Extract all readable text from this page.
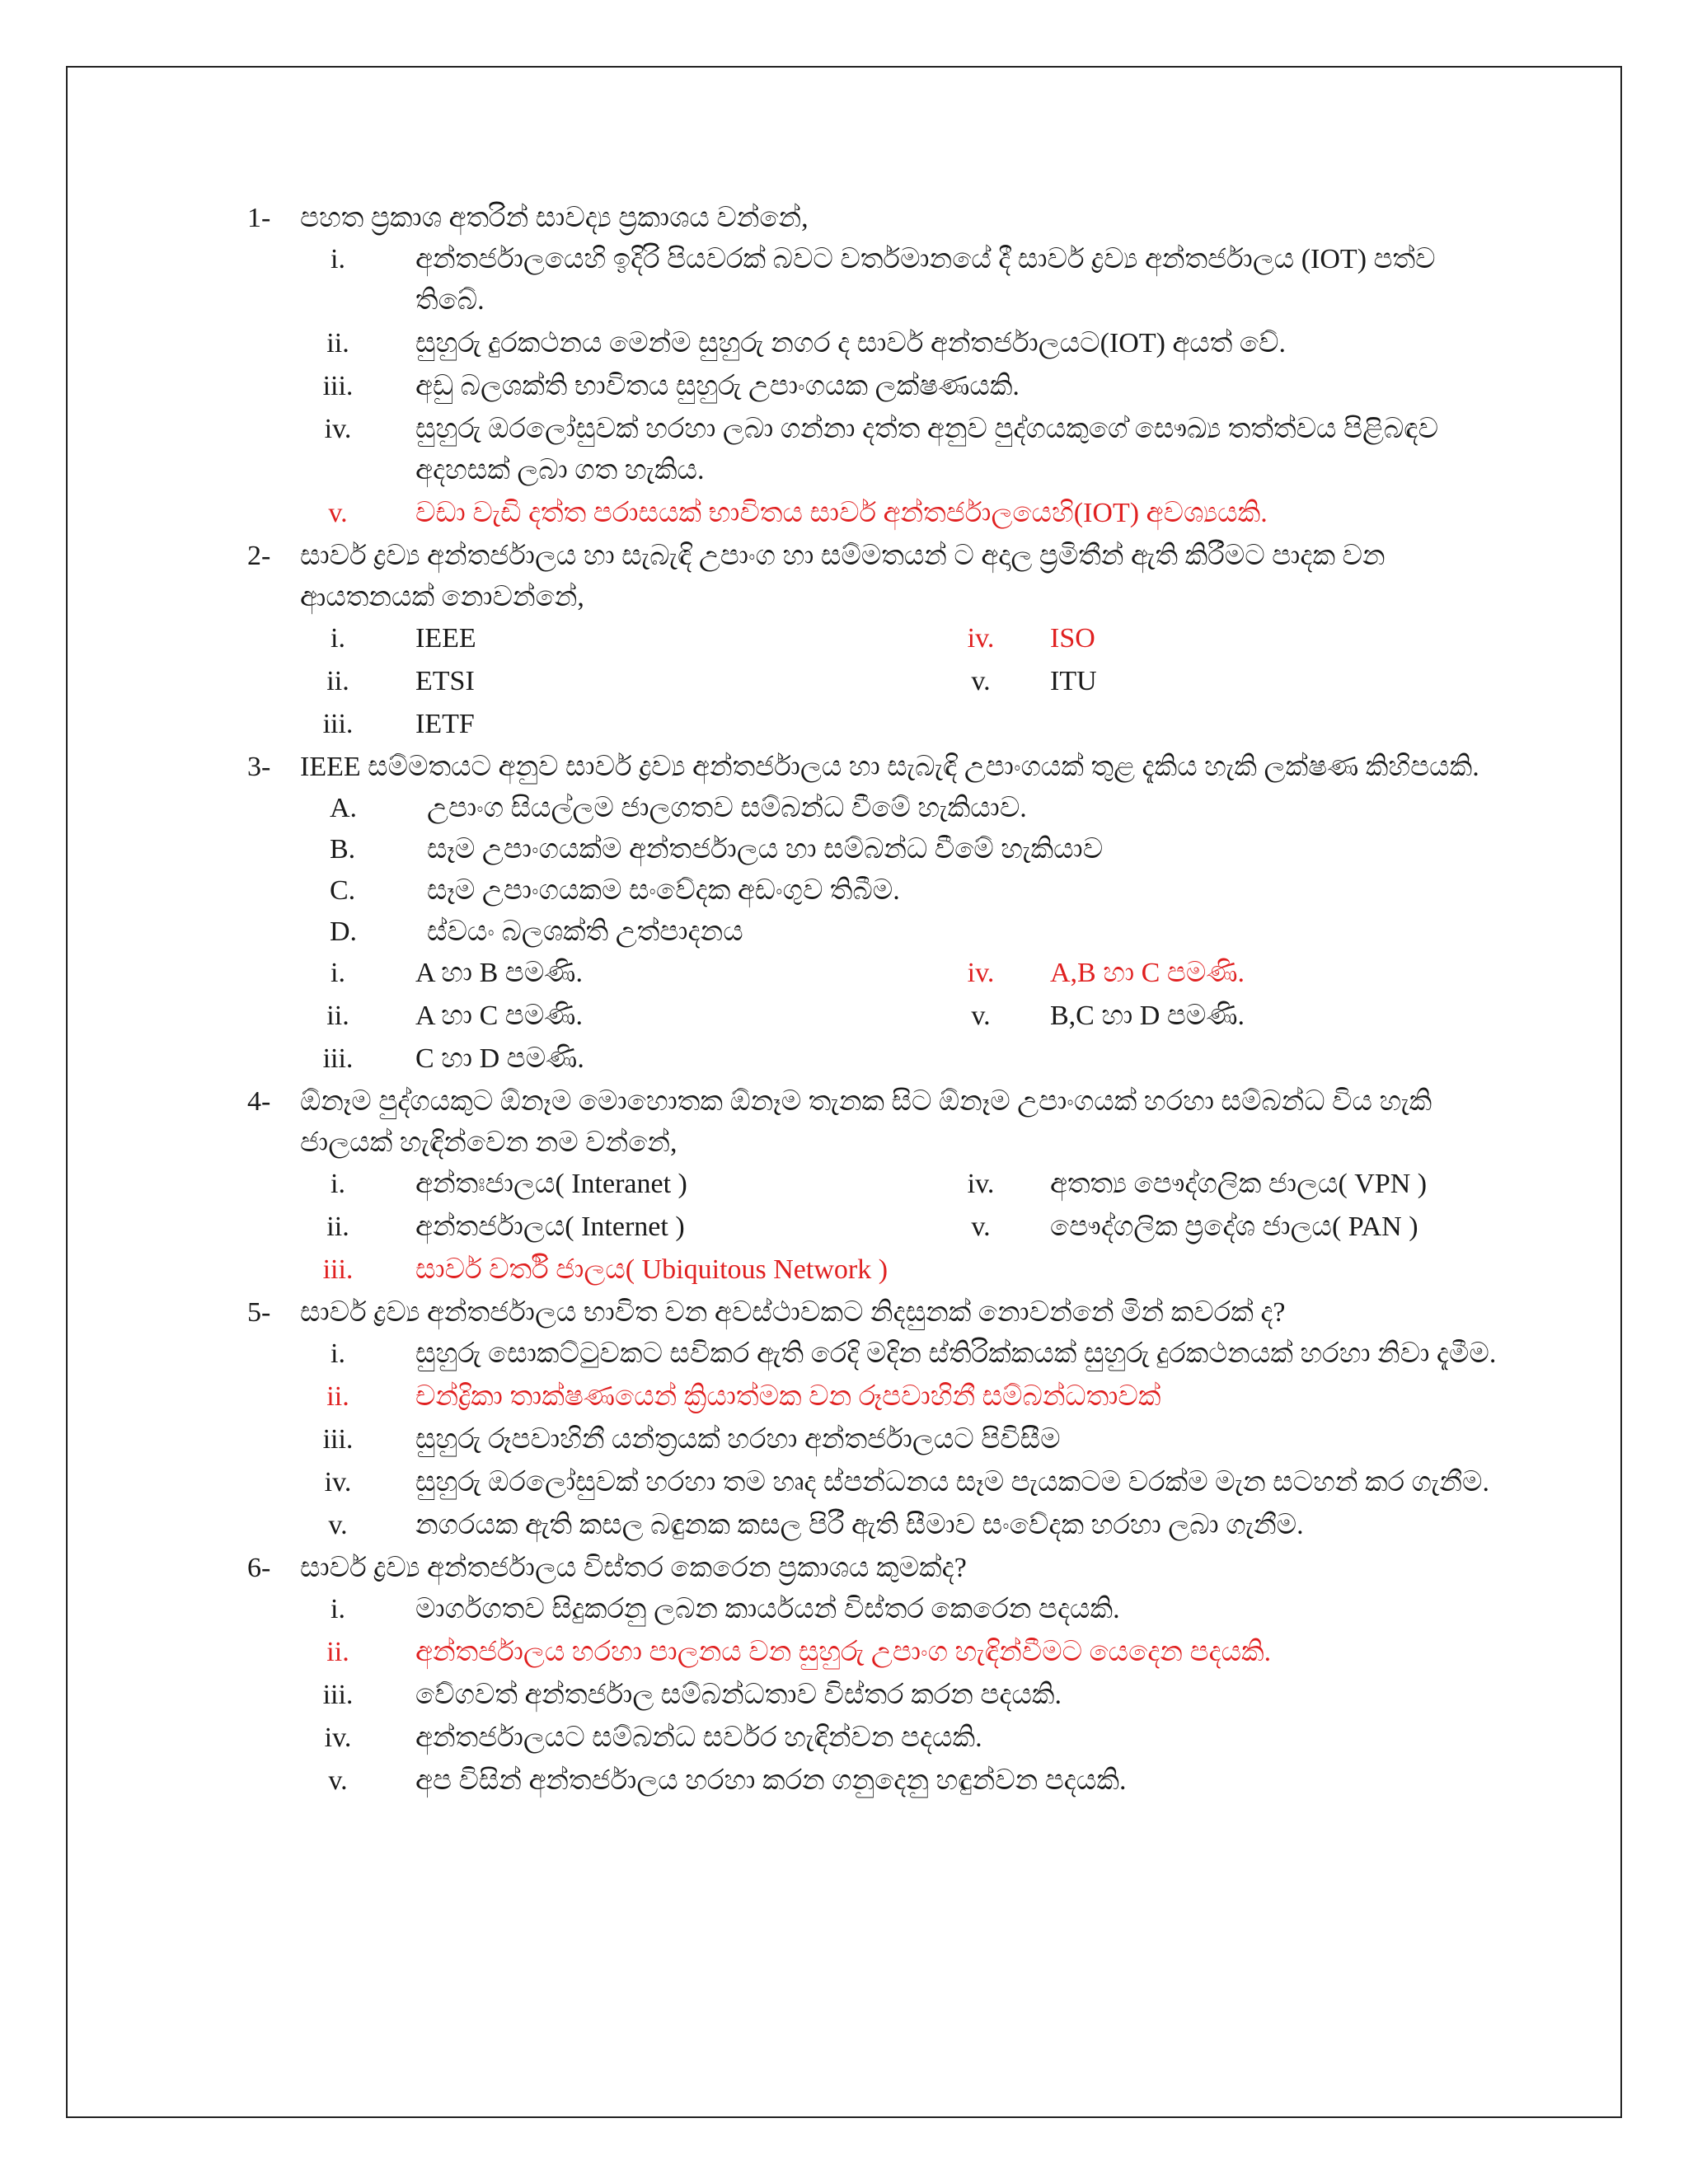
1-	පහත ප්‍රකාශ අතරින් සාවද්‍ය ප්‍රකාශය වන්නේ,
i.	අන්තර්ජාලයෙහි ඉදිරි පියවරක් බවට වර්තමානයේ දී සාර්ව ද්‍රව්‍ය අන්තර්ජාලය (IOT) පත්ව තිබේ.
ii.	සුහුරු දුරකථනය මෙන්ම සුහුරු නගර ද සාර්ව අන්තර්ජාලයට(IOT) අයත් වේ.
iii.	අඩු බලශක්ති භාවිතය සුහුරු උපාංගයක ලක්ෂණයකි.
iv.	සුහුරු ඔරලෝසුවක් හරහා ලබා ගන්නා දත්ත අනුව පුද්ගයකුගේ සෞඛ්‍ය තත්ත්වය පිළිබඳව අදහසක් ලබා ගත හැකිය.
v.	වඩා වැඩි දත්ත පරාසයක් භාවිතය සාර්ව අන්තර්ජාලයෙහි(IOT) අවශ්‍යයකි.
2-	සාර්ව ද්‍රව්‍ය අන්තර්ජාලය හා සැබැඳි උපාංග හා සම්මතයන් ට අදාල ප්‍රමිතීන් ඇති කිරීමට පාදක වන ආයතනයක් නොවන්නේ,
i.	IEEE
ii.	ETSI
iii.	IETF
iv.	ISO
v.	ITU
3-	IEEE සම්මතයට අනුව සාර්ව ද්‍රව්‍ය අන්තර්ජාලය හා සැබැඳි උපාංගයක් තුළ දැකිය හැකි ලක්ෂණ කිහිපයකි.
A.	උපාංග සියල්ලම ජාලගතව සම්බන්ධ වීමේ හැකියාව.
B.	සෑම උපාංගයක්ම අන්තර්ජාලය හා සම්බන්ධ වීමේ හැකියාව
C.	සෑම උපාංගයකම සංවේදක අඩංගුව තිබීම.
D.	ස්වයං බලශක්ති උත්පාදනය
i.	A හා B පමණි.
ii.	A හා C පමණි.
iii.	C හා D පමණි.
iv.	A,B හා C පමණි.
v.	B,C හා D පමණි.
4-	ඕනෑම පුද්ගයකුට ඕනෑම මොහොතක ඕනෑම තැනක සිට ඕනෑම උපාංගයක් හරහා සම්බන්ධ විය හැකි ජාලයක් හැඳින්වෙන නම වන්නේ,
i.	අන්තඃජාලය( Interanet )
ii.	අන්තර්ජාලය( Internet )
iii.	සාර්ව වර්ති ජාලය( Ubiquitous Network )
iv.	අතත්‍ය පෞද්ගලික ජාලය( VPN )
v.	පෞද්ගලික ප්‍රදේශ ජාලය( PAN )
5-	සාර්ව ද්‍රව්‍ය අන්තර්ජාලය භාවිත වන අවස්ථාවකට නිදසුනක් නොවන්නේ මින් කවරක් ද?
i.	සුහුරු සොකට්ටුවකට සවිකර ඇති රෙදි මදින ස්තිරික්කයක් සුහුරු දුරකථනයක් හරහා නිවා දැමීම.
ii.	චන්ද්‍රිකා තාක්ෂණයෙන් ක්‍රියාත්මක වන රූපවාහිනී සම්බන්ධතාවක්
iii.	සුහුරු රූපවාහිනී යන්ත්‍රයක් හරහා අන්තර්ජාලයට පිවිසීම
iv.	සුහුරු ඔරලෝසුවක් හරහා තම හෘද ස්පන්ධනය සෑම පැයකටම වරක්ම මැන සටහන් කර ගැනීම.
v.	නගරයක ඇති කසල බඳුනක කසල පිරී ඇති සීමාව සංවේදක හරහා ලබා ගැනීම.
6-	සාර්ව ද්‍රව්‍ය අන්තර්ජාලය විස්තර කෙරෙන ප්‍රකාශය කුමක්ද?
i.	මාර්ගගතව සිදුකරනු ලබන කාර්යයන් විස්තර කෙරෙන පදයකි.
ii.	අන්තර්ජාලය හරහා පාලනය වන සුහුරු උපාංග හැඳින්වීමට යෙදෙන පදයකි.
iii.	වේගවත් අන්තර්ජාල සම්බන්ධතාව විස්තර කරන පදයකි.
iv.	අන්තර්ජාලයට සම්බන්ධ සර්වර හැඳින්වන පදයකි.
v.	අප විසින් අන්තර්ජාලය හරහා කරන ගනුදෙනු හඳුන්වන පදයකි.
